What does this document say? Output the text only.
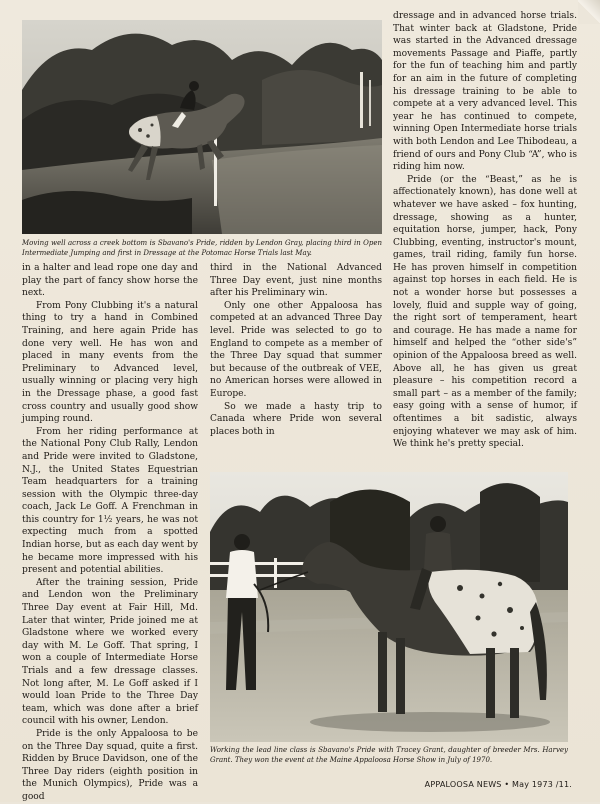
Moving well across a creek bottom is Sbavano's Pride, ridden by Lendon Gray, placing third in Open Intermediate Jumping and first in Dressage at the Potomac Horse Trials last May.

dressage and in advanced horse trials. That winter back at Gladstone, Pride was started in the Advanced dressage movements Passage and Piaffe, partly for the fun of teaching him and partly for an aim in the future of completing his dressage training to be able to compete at a very advanced level. This year he has continued to compete, winning Open Intermediate horse trials with both Lendon and Lee Thibodeau, a friend of ours and Pony Club “A”, who is riding him now.

Pride (or the “Beast,” as he is affectionately known), has done well at whatever we have asked – fox hunting, dressage, showing as a hunter, equitation horse, jumper, hack, Pony Clubbing, eventing, instructor's mount, games, trail riding, family fun horse. He has proven himself in competition against top horses in each field. He is not a wonder horse but possesses a lovely, fluid and supple way of going, the right sort of temperament, heart and courage. He has made a name for himself and helped the “other side's” opinion of the Appaloosa breed as well. Above all, he has given us great pleasure – his competition record a small part – as a member of the family; easy going with a sense of humor, if oftentimes a bit sadistic, always enjoying whatever we may ask of him. We think he's pretty special.

in a halter and lead rope one day and play the part of fancy show horse the next.

From Pony Clubbing it's a natural thing to try a hand in Combined Training, and here again Pride has done very well. He has won and placed in many events from the Preliminary to Advanced level, usually winning or placing very high in the Dressage phase, a good fast cross country and usually good show jumping round.

From her riding performance at the National Pony Club Rally, Lendon and Pride were invited to Gladstone, N.J., the United States Equestrian Team headquarters for a training session with the Olympic three-day coach, Jack Le Goff. A Frenchman in this country for 1½ years, he was not expecting much from a spotted Indian horse, but as each day went by he became more impressed with his present and potential abilities.

After the training session, Pride and Lendon won the Preliminary Three Day event at Fair Hill, Md. Later that winter, Pride joined me at Gladstone where we worked every day with M. Le Goff. That spring, I won a couple of Intermediate Horse Trials and a few dressage classes. Not long after, M. Le Goff asked if I would loan Pride to the Three Day team, which was done after a brief council with his owner, Lendon.

Pride is the only Appaloosa to be on the Three Day squad, quite a first. Ridden by Bruce Davidson, one of the Three Day riders (eighth position in the Munich Olympics), Pride was a good

third in the National Advanced Three Day event, just nine months after his Preliminary win.

Only one other Appaloosa has competed at an advanced Three Day level. Pride was selected to go to England to compete as a member of the Three Day squad that summer but because of the outbreak of VEE, no American horses were allowed in Europe.

So we made a hasty trip to Canada where Pride won several places both in

Working the lead line class is Sbavano's Pride with Tracey Grant, daughter of breeder Mrs. Harvey Grant. They won the event at the Maine Appaloosa Horse Show in July of 1970.
APPALOOSA NEWS • May 1973 /11.
